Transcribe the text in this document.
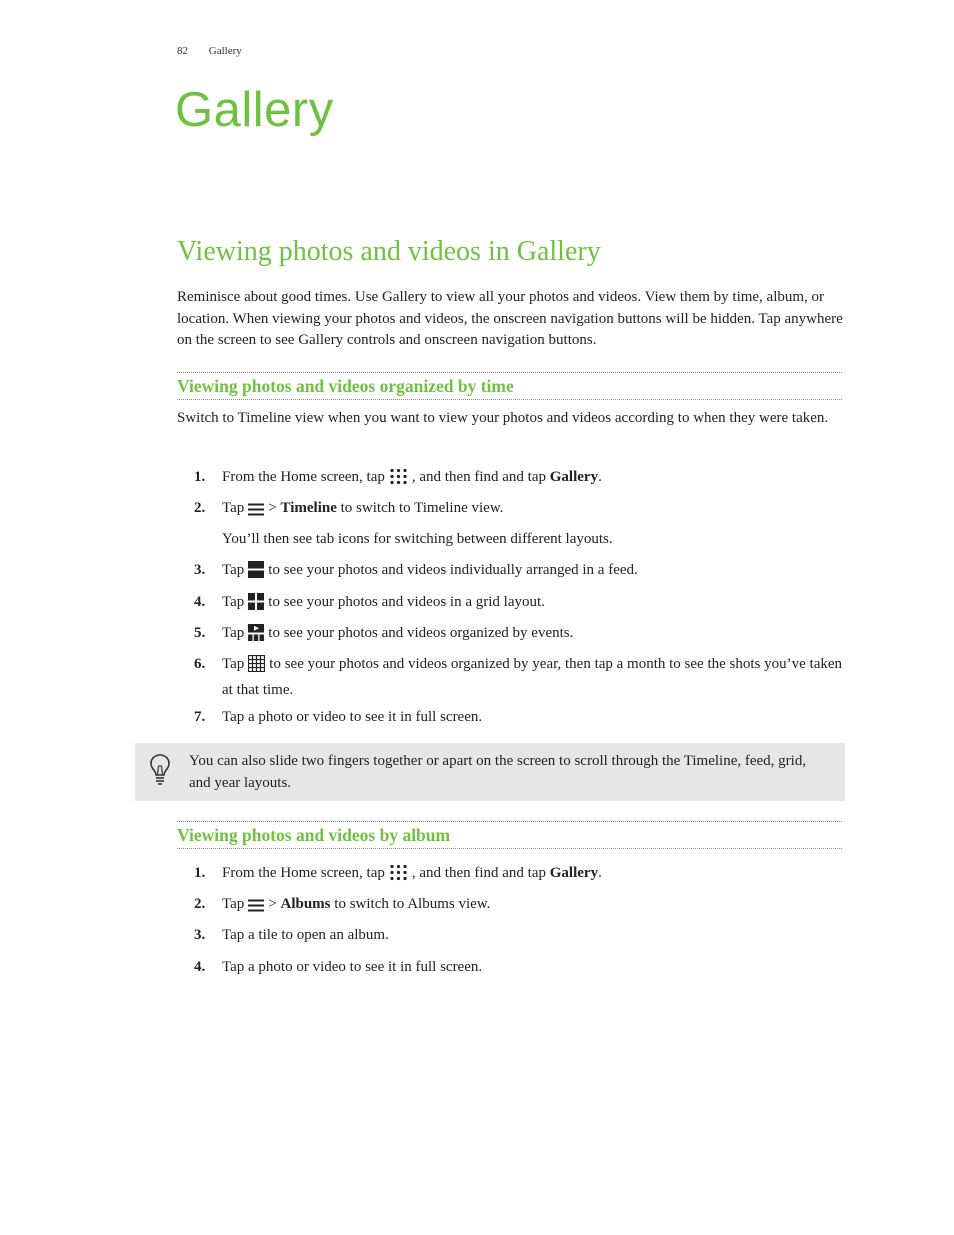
82 Gallery
Gallery
Viewing photos and videos in Gallery
Reminisce about good times. Use Gallery to view all your photos and videos. View them by time, album, or location. When viewing your photos and videos, the onscreen navigation buttons will be hidden. Tap anywhere on the screen to see Gallery controls and onscreen navigation buttons.
Viewing photos and videos organized by time
Switch to Timeline view when you want to view your photos and videos according to when they were taken.
1. From the Home screen, tap , and then find and tap Gallery.
2. Tap > Timeline to switch to Timeline view.
You’ll then see tab icons for switching between different layouts.
3. Tap to see your photos and videos individually arranged in a feed.
4. Tap to see your photos and videos in a grid layout.
5. Tap to see your photos and videos organized by events.
6. Tap to see your photos and videos organized by year, then tap a month to see the shots you’ve taken at that time.
7. Tap a photo or video to see it in full screen.
You can also slide two fingers together or apart on the screen to scroll through the Timeline, feed, grid, and year layouts.
Viewing photos and videos by album
1. From the Home screen, tap , and then find and tap Gallery.
2. Tap > Albums to switch to Albums view.
3. Tap a tile to open an album.
4. Tap a photo or video to see it in full screen.
